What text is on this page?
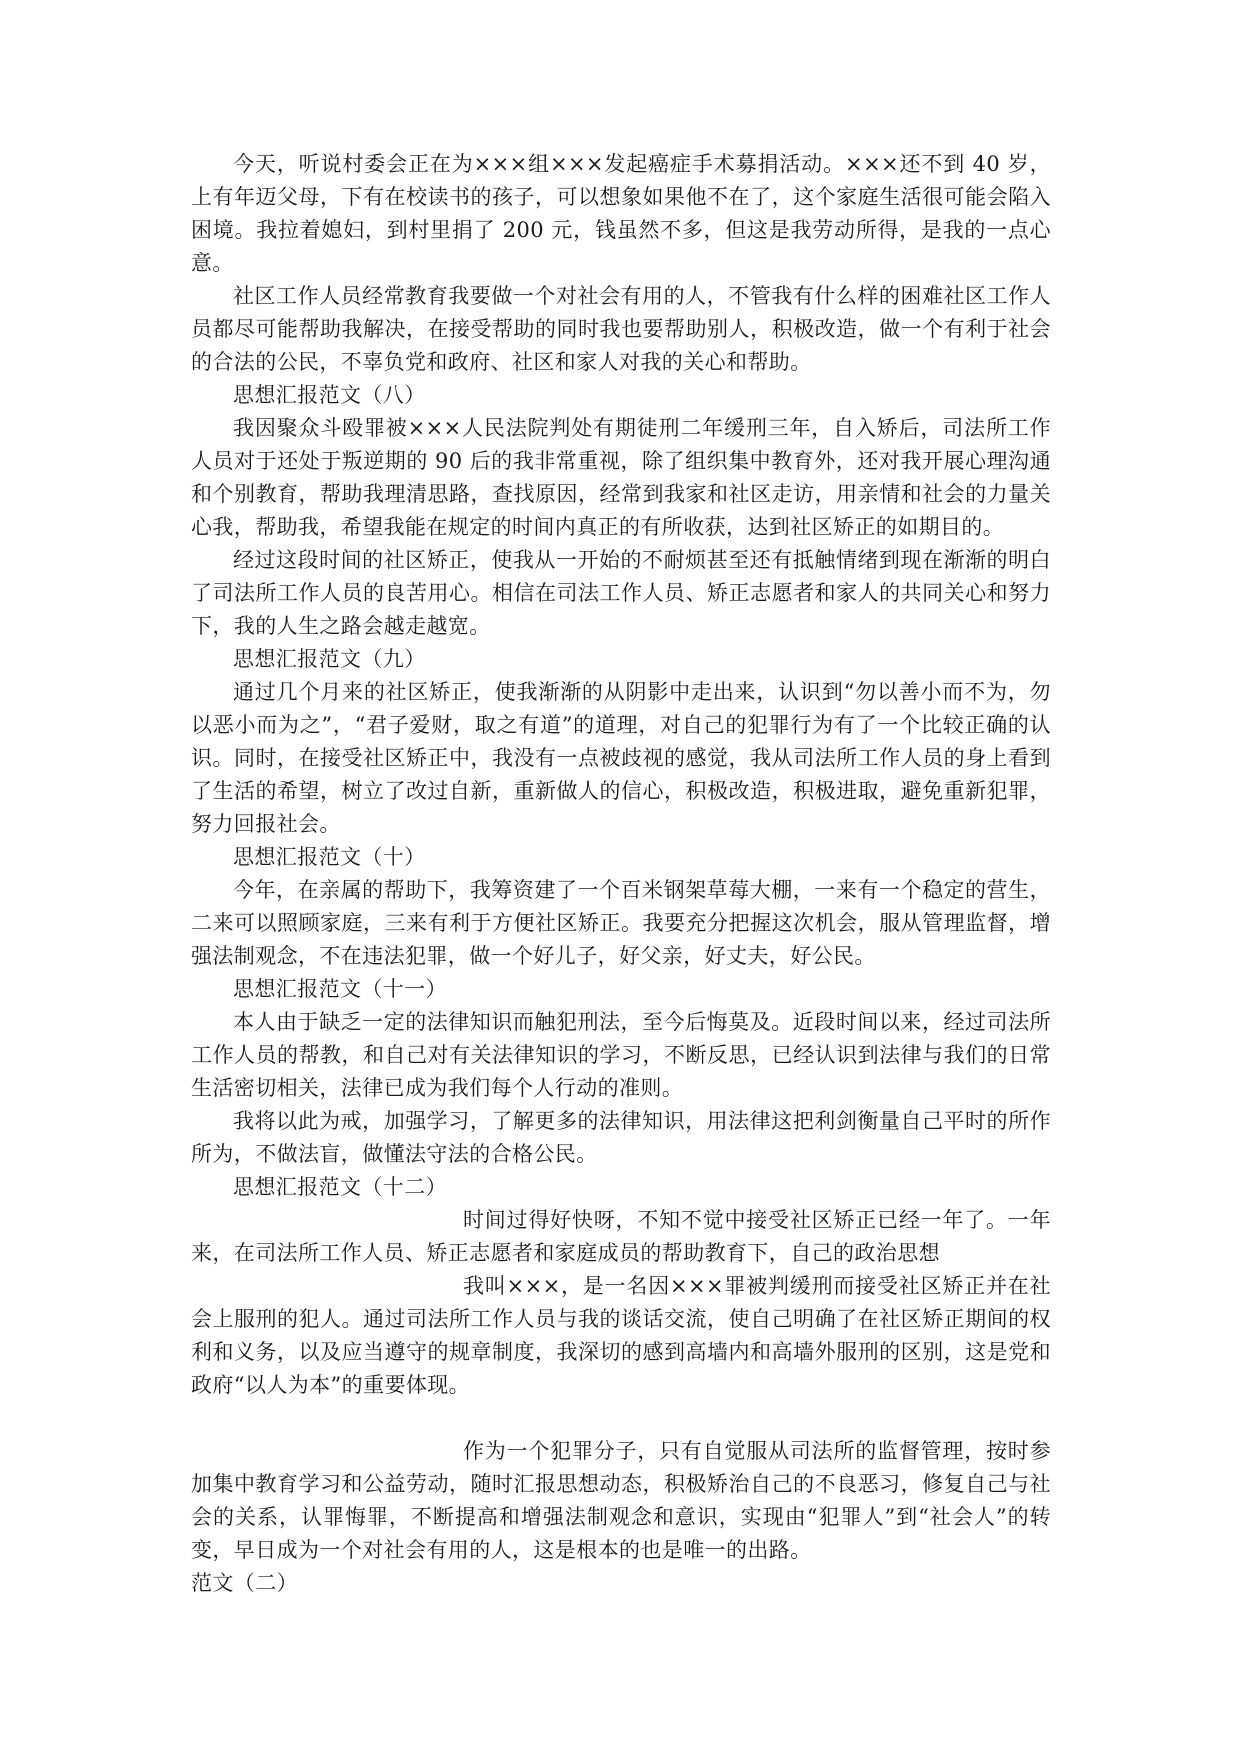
今天，听说村委会正在为×××组×××发起癌症手术募捐活动。×××还不到 40 岁，上有年迈父母，下有在校读书的孩子，可以想象如果他不在了，这个家庭生活很可能会陷入困境。我拉着媳妇，到村里捐了 200 元，钱虽然不多，但这是我劳动所得，是我的一点心意。

社区工作人员经常教育我要做一个对社会有用的人，不管我有什么样的困难社区工作人员都尽可能帮助我解决，在接受帮助的同时我也要帮助别人，积极改造，做一个有利于社会的合法的公民，不辜负党和政府、社区和家人对我的关心和帮助。

思想汇报范文（八）

我因聚众斗殴罪被×××人民法院判处有期徒刑二年缓刑三年，自入矫后，司法所工作人员对于还处于叛逆期的 90 后的我非常重视，除了组织集中教育外，还对我开展心理沟通和个别教育，帮助我理清思路，查找原因，经常到我家和社区走访，用亲情和社会的力量关心我，帮助我，希望我能在规定的时间内真正的有所收获，达到社区矫正的如期目的。

经过这段时间的社区矫正，使我从一开始的不耐烦甚至还有抵触情绪到现在渐渐的明白了司法所工作人员的良苦用心。相信在司法工作人员、矫正志愿者和家人的共同关心和努力下，我的人生之路会越走越宽。

思想汇报范文（九）

通过几个月来的社区矫正，使我渐渐的从阴影中走出来，认识到“勿以善小而不为，勿以恶小而为之”，“君子爱财，取之有道”的道理，对自己的犯罪行为有了一个比较正确的认识。同时，在接受社区矫正中，我没有一点被歧视的感觉，我从司法所工作人员的身上看到了生活的希望，树立了改过自新，重新做人的信心，积极改造，积极进取，避免重新犯罪，努力回报社会。

思想汇报范文（十）

今年，在亲属的帮助下，我筹资建了一个百米钢架草莓大棚，一来有一个稳定的营生，二来可以照顾家庭，三来有利于方便社区矫正。我要充分把握这次机会，服从管理监督，增强法制观念，不在违法犯罪，做一个好儿子，好父亲，好丈夫，好公民。

思想汇报范文（十一）

本人由于缺乏一定的法律知识而触犯刑法，至今后悔莫及。近段时间以来，经过司法所工作人员的帮教，和自己对有关法律知识的学习，不断反思，已经认识到法律与我们的日常生活密切相关，法律已成为我们每个人行动的准则。

我将以此为戒，加强学习，了解更多的法律知识，用法律这把利剑衡量自己平时的所作所为，不做法盲，做懂法守法的合格公民。

思想汇报范文（十二）

时间过得好快呀，不知不觉中接受社区矫正已经一年了。一年来，在司法所工作人员、矫正志愿者和家庭成员的帮助教育下，自己的政治思想

我叫×××，是一名因×××罪被判缓刑而接受社区矫正并在社会上服刑的犯人。通过司法所工作人员与我的谈话交流，使自己明确了在社区矫正期间的权利和义务，以及应当遵守的规章制度，我深切的感到高墙内和高墙外服刑的区别，这是党和政府“以人为本”的重要体现。

作为一个犯罪分子，只有自觉服从司法所的监督管理，按时参加集中教育学习和公益劳动，随时汇报思想动态，积极矫治自己的不良恶习，修复自己与社会的关系，认罪悔罪，不断提高和增强法制观念和意识，实现由“犯罪人”到“社会人”的转变，早日成为一个对社会有用的人，这是根本的也是唯一的出路。

范文（二）
